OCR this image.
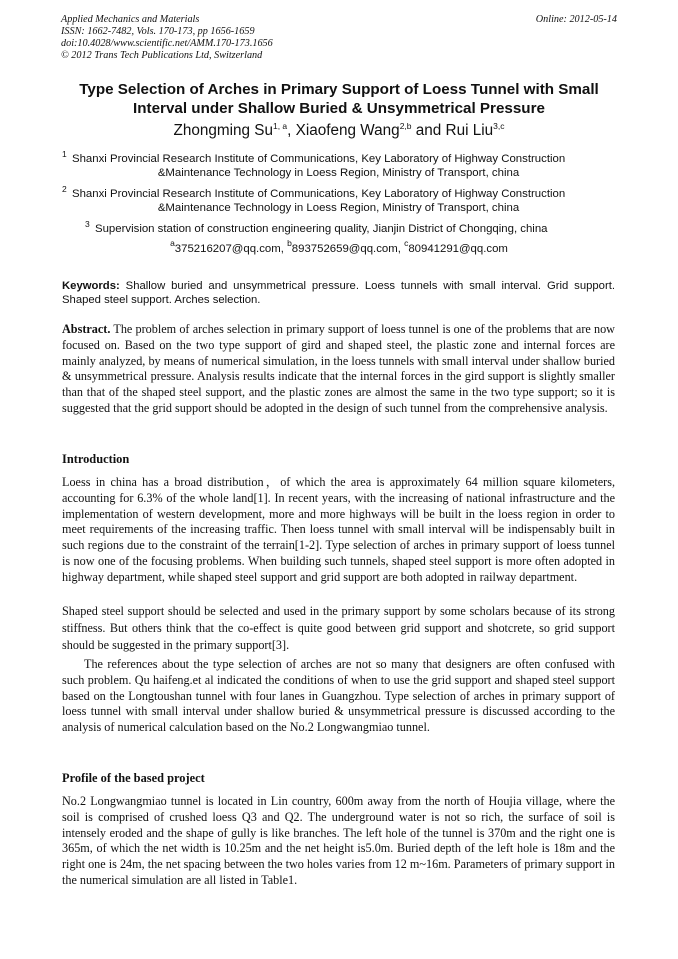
Applied Mechanics and Materials
ISSN: 1662-7482, Vols. 170-173, pp 1656-1659
doi:10.4028/www.scientific.net/AMM.170-173.1656
© 2012 Trans Tech Publications Ltd, Switzerland
Online: 2012-05-14
Type Selection of Arches in Primary Support of Loess Tunnel with Small
Interval under Shallow Buried & Unsymmetrical Pressure
Zhongming Su$^{1, a}$, Xiaofeng Wang$^{2,b}$ and Rui Liu$^{3,c}$
1 Shanxi Provincial Research Institute of Communications, Key Laboratory of Highway Construction
&Maintenance Technology in Loess Region, Ministry of Transport, china
2 Shanxi Provincial Research Institute of Communications, Key Laboratory of Highway Construction
&Maintenance Technology in Loess Region, Ministry of Transport, china
3 Supervision station of construction engineering quality, Jianjin District of Chongqing, china
$^a$375216207@qq.com, $^b$893752659@qq.com, $^c$80941291@qq.com
Keywords: Shallow buried and unsymmetrical pressure. Loess tunnels with small interval. Grid support. Shaped steel support. Arches selection.
Abstract. The problem of arches selection in primary support of loess tunnel is one of the problems that are now focused on. Based on the two type support of gird and shaped steel, the plastic zone and internal forces are mainly analyzed, by means of numerical simulation, in the loess tunnels with small interval under shallow buried & unsymmetrical pressure. Analysis results indicate that the internal forces in the gird support is slightly smaller than that of the shaped steel support, and the plastic zones are almost the same in the two type support; so it is suggested that the grid support should be adopted in the design of such tunnel from the comprehensive analysis.
Introduction
Loess in china has a broad distribution，of which the area is approximately 64 million square kilometers, accounting for 6.3% of the whole land[1]. In recent years, with the increasing of national infrastructure and the implementation of western development, more and more highways will be built in the loess region in order to meet requirements of the increasing traffic. Then loess tunnel with small interval will be indispensably built in such regions due to the constraint of the terrain[1-2]. Type selection of arches in primary support of loess tunnel is now one of the focusing problems. When building such tunnels, shaped steel support is more often adopted in highway department, while shaped steel support and grid support are both adopted in railway department.
Shaped steel support should be selected and used in the primary support by some scholars because of its strong stiffness. But others think that the co-effect is quite good between grid support and shotcrete, so grid support should be suggested in the primary support[3].
The references about the type selection of arches are not so many that designers are often confused with such problem. Qu haifeng.et al indicated the conditions of when to use the grid support and shaped steel support based on the Longtoushan tunnel with four lanes in Guangzhou. Type selection of arches in primary support of loess tunnel with small interval under shallow buried & unsymmetrical pressure is discussed according to the analysis of numerical calculation based on the No.2 Longwangmiao tunnel.
Profile of the based project
No.2 Longwangmiao tunnel is located in Lin country, 600m away from the north of Houjia village, where the soil is comprised of crushed loess Q3 and Q2. The underground water is not so rich, the surface of soil is intensely eroded and the shape of gully is like branches. The left hole of the tunnel is 370m and the right one is 365m, of which the net width is 10.25m and the net height is5.0m. Buried depth of the left hole is 18m and the right one is 24m, the net spacing between the two holes varies from 12 m~16m. Parameters of primary support in the numerical simulation are all listed in Table1.
